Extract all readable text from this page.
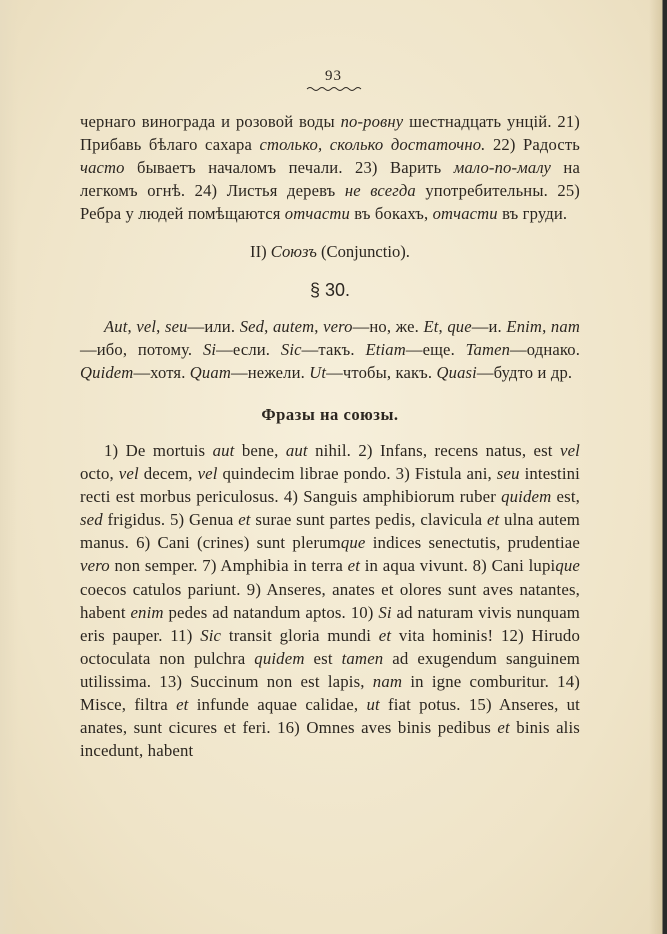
93

чернаго винограда и розовой воды по-ровну шестнадцать унцій. 21) Прибавь бѣлаго сахара столько, сколько достаточно. 22) Радость часто бываетъ началомъ печали. 23) Варить мало-по-малу на легкомъ огнѣ. 24) Листья деревъ не всегда употребительны. 25) Ребра у людей помѣщаются отчасти въ бокахъ, отчасти въ груди.

II) Союзъ (Conjunctio).
§ 30.

Aut, vel, seu—или. Sed, autem, vero—но, же. Et, que—и. Enim, nam—ибо, потому. Si—если. Sic—такъ. Etiam—еще. Tamen—однако. Quidem—хотя. Quam—нежели. Ut—чтобы, какъ. Quasi—будто и др.

Фразы на союзы.

1) De mortuis aut bene, aut nihil. 2) Infans, recens natus, est vel octo, vel decem, vel quindecim librae pondo. 3) Fistula ani, seu intestini recti est morbus periculosus. 4) Sanguis amphibiorum ruber quidem est, sed frigidus. 5) Genua et surae sunt partes pedis, clavicula et ulna autem manus. 6) Cani (crines) sunt plerumque indices senectutis, prudentiae vero non semper. 7) Amphibia in terra et in aqua vivunt. 8) Cani lupique coecos catulos pariunt. 9) Anseres, anates et olores sunt aves natantes, habent enim pedes ad natandum aptos. 10) Si ad naturam vivis nunquam eris pauper. 11) Sic transit gloria mundi et vita hominis! 12) Hirudo octoculata non pulchra quidem est tamen ad exugendum sanguinem utilissima. 13) Succinum non est lapis, nam in igne comburitur. 14) Misce, filtra et infunde aquae calidae, ut fiat potus. 15) Anseres, ut anates, sunt cicures et feri. 16) Omnes aves binis pedibus et binis alis incedunt, habent
